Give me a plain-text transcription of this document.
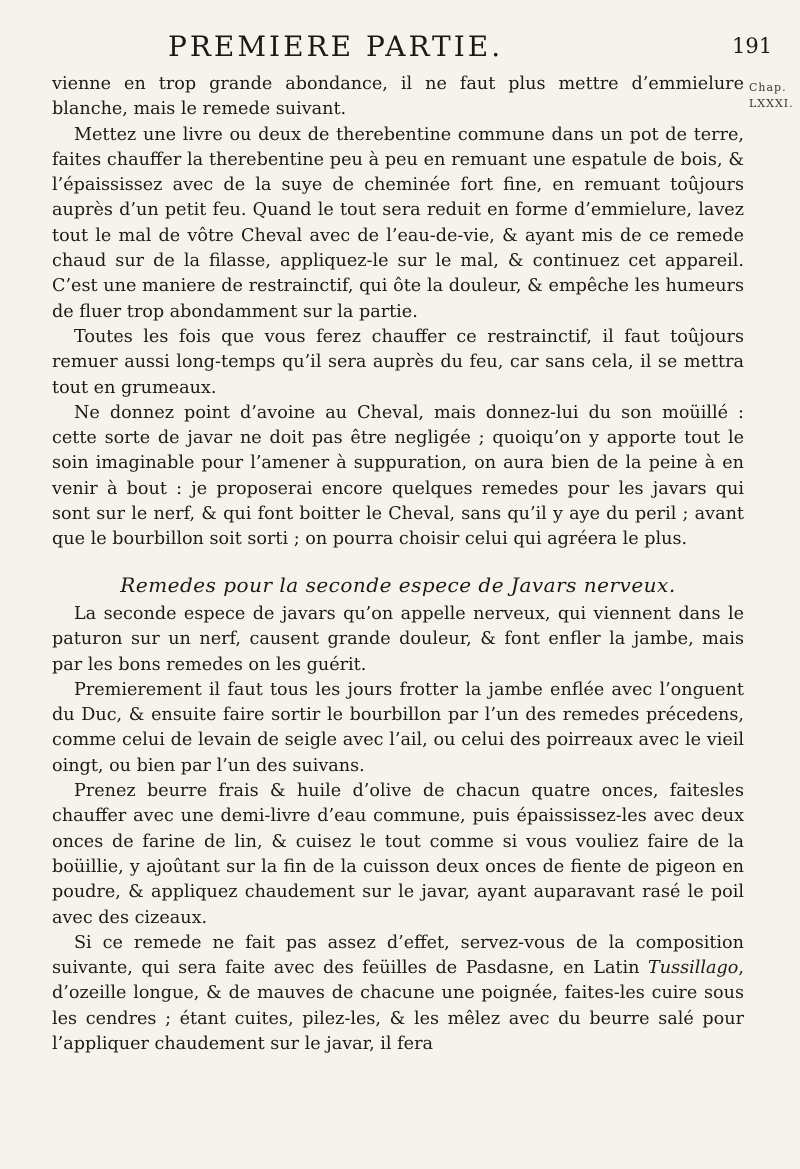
PREMIERE PARTIE.	191
Chap.
LXXXI.

vienne en trop grande abondance, il ne faut plus mettre d’emmielure blanche, mais le remede suivant.

Mettez une livre ou deux de therebentine commune dans un pot de terre, faites chauffer la therebentine peu à peu en remuant une espatule de bois, & l’épaississez avec de la suye de cheminée fort fine, en remuant toûjours auprès d’un petit feu. Quand le tout sera reduit en forme d’emmielure, lavez tout le mal de vôtre Cheval avec de l’eau-de-vie, & ayant mis de ce remede chaud sur de la filasse, appliquez-le sur le mal, & continuez cet appareil. C’est une maniere de restrainctif, qui ôte la douleur, & empêche les humeurs de fluer trop abondamment sur la partie.

Toutes les fois que vous ferez chauffer ce restrainctif, il faut toûjours remuer aussi long-temps qu’il sera auprès du feu, car sans cela, il se mettra tout en grumeaux.

Ne donnez point d’avoine au Cheval, mais donnez-lui du son moüillé : cette sorte de javar ne doit pas être negligée ; quoiqu’on y apporte tout le soin imaginable pour l’amener à suppuration, on aura bien de la peine à en venir à bout : je proposerai encore quelques remedes pour les javars qui sont sur le nerf, & qui font boitter le Cheval, sans qu’il y aye du peril ; avant que le bourbillon soit sorti ; on pourra choisir celui qui agréera le plus.

Remedes pour la seconde espece de Javars nerveux.

La seconde espece de javars qu’on appelle nerveux, qui viennent dans le paturon sur un nerf, causent grande douleur, & font enfler la jambe, mais par les bons remedes on les guérit.

Premierement il faut tous les jours frotter la jambe enflée avec l’onguent du Duc, & ensuite faire sortir le bourbillon par l’un des remedes précedens, comme celui de levain de seigle avec l’ail, ou celui des poirreaux avec le vieil oingt, ou bien par l’un des suivans.

Prenez beurre frais & huile d’olive de chacun quatre onces, faitesles chauffer avec une demi-livre d’eau commune, puis épaississez-les avec deux onces de farine de lin, & cuisez le tout comme si vous vouliez faire de la boüillie, y ajoûtant sur la fin de la cuisson deux onces de fiente de pigeon en poudre, & appliquez chaudement sur le javar, ayant auparavant rasé le poil avec des cizeaux.

Si ce remede ne fait pas assez d’effet, servez-vous de la composition suivante, qui sera faite avec des feüilles de Pasdasne, en Latin Tussillago, d’ozeille longue, & de mauves de chacune une poignée, faites-les cuire sous les cendres ; étant cuites, pilez-les, & les mêlez avec du beurre salé pour l’appliquer chaudement sur le javar, il fera
